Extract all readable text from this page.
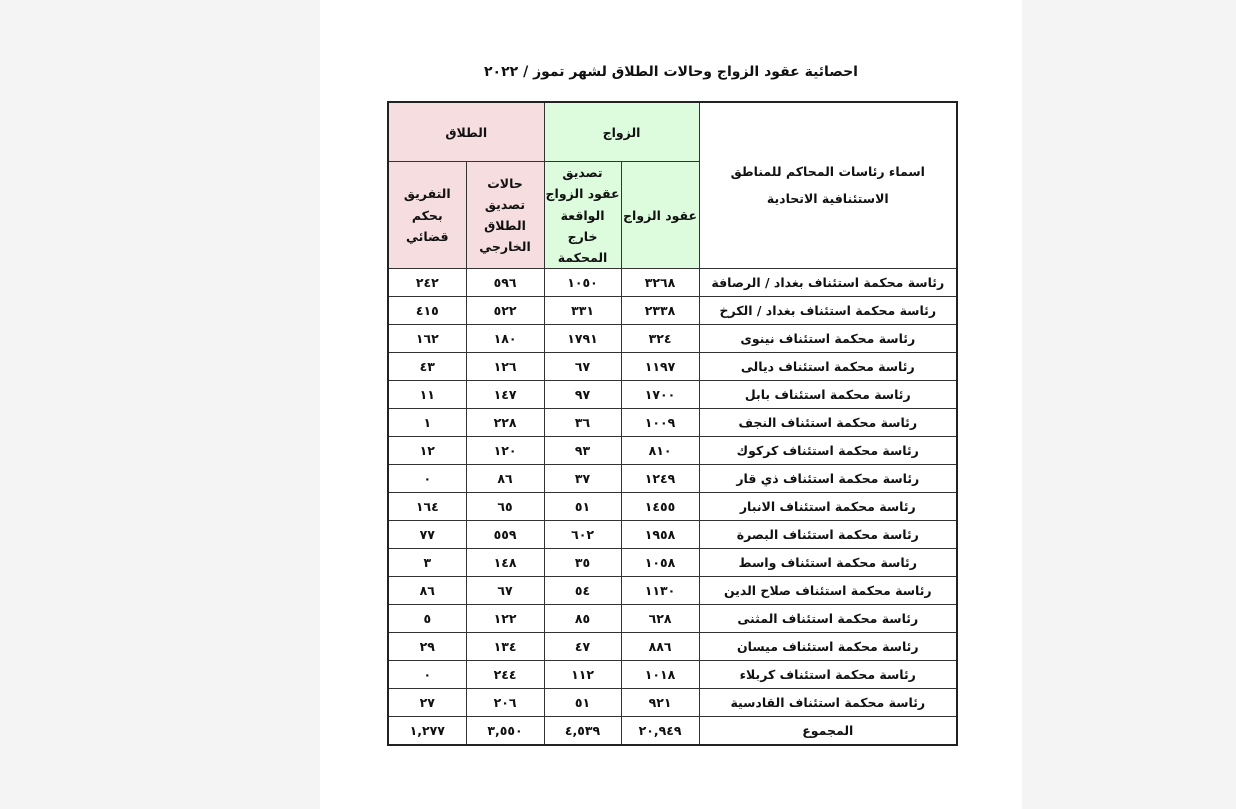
احصائية عقود الزواج وحالات الطلاق لشهر تموز / ٢٠٢٢
اسماء رئاسات المحاكم للمناطق الاستئنافية الاتحادية	الزواج		الطلاق	
	عقود الزواج	تصديق عقود الزواج الواقعة خارج المحكمة	حالات تصديق الطلاق الخارجي	التفريق بحكم قضائي
رئاسة محكمة استئناف بغداد / الرصافة	٣٢٦٨	١٠٥٠	٥٩٦	٢٤٢
رئاسة محكمة استئناف بغداد / الكرخ	٢٣٣٨	٣٣١	٥٢٢	٤١٥
رئاسة محكمة استئناف نينوى	٣٢٤	١٧٩١	١٨٠	١٦٢
رئاسة محكمة استئناف ديالى	١١٩٧	٦٧	١٢٦	٤٣
رئاسة محكمة استئناف بابل	١٧٠٠	٩٧	١٤٧	١١
رئاسة محكمة استئناف النجف	١٠٠٩	٣٦	٢٢٨	١
رئاسة محكمة استئناف كركوك	٨١٠	٩٣	١٢٠	١٢
رئاسة محكمة استئناف ذي قار	١٢٤٩	٣٧	٨٦	٠
رئاسة محكمة استئناف الانبار	١٤٥٥	٥١	٦٥	١٦٤
رئاسة محكمة استئناف البصرة	١٩٥٨	٦٠٢	٥٥٩	٧٧
رئاسة محكمة استئناف واسط	١٠٥٨	٣٥	١٤٨	٣
رئاسة محكمة استئناف صلاح الدين	١١٣٠	٥٤	٦٧	٨٦
رئاسة محكمة استئناف المثنى	٦٢٨	٨٥	١٢٢	٥
رئاسة محكمة استئناف ميسان	٨٨٦	٤٧	١٣٤	٢٩
رئاسة محكمة استئناف كربلاء	١٠١٨	١١٢	٢٤٤	٠
رئاسة محكمة استئناف القادسية	٩٢١	٥١	٢٠٦	٢٧
المجموع	٢٠,٩٤٩	٤,٥٣٩	٣,٥٥٠	١,٢٧٧
